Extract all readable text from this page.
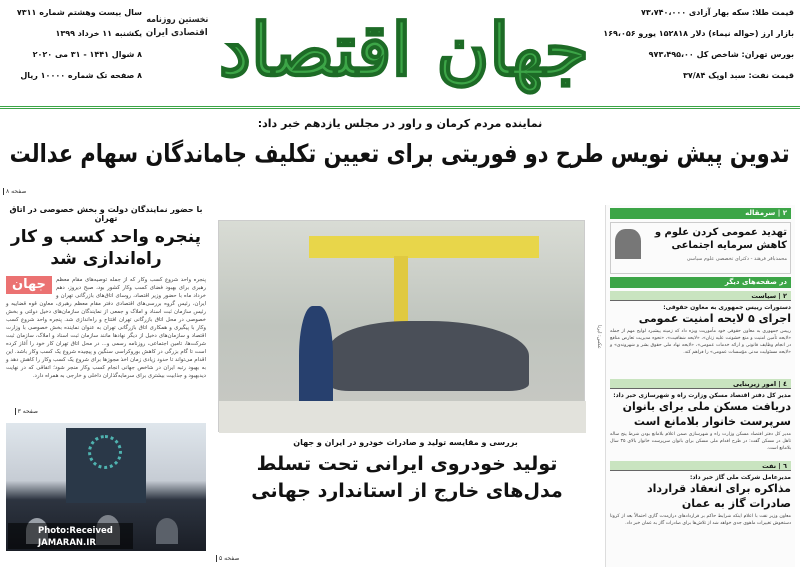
قیمت طلا: سکه بهار آزادی ۷۳،۷۴۰،۰۰۰
بازار ارز (حواله نیماء) دلار ۱۵۲۸۱۸ یورو ۱۶۹،۰۵۶
بورس تهران: شاخص کل ۹۷۳،۴۹۵،۰۰
قیمت نفت: سبد اوپک ۳۷/۸۴
سال بیست وهشتم شماره ۷۳۱۱
یکشنبه ۱۱ خرداد ۱۳۹۹
۸ شوال ۱۴۴۱ - ۳۱ می ۲۰۲۰
۸ صفحه تک شماره ۱۰۰۰۰ ریال جهان اقتصاد
نخستین روزنامه
اقتصادی ایران
نماینده مردم کرمان و راور در مجلس یازدهم خبر داد:
تدوین پیش نویس طرح دو فوریتی برای تعیین تکلیف جاماندگان سهام عدالت
صفحه ۸
با حضور نمایندگان دولت و بخش خصوصی در اتاق تهران
پنجره واحد کسب و کار راه‌اندازی شد
جهان	پنجره واحد شروع کسب وکار که از جمله توصیه‌های مقام معظم رهبری برای بهبود فضای کسب وکار کشور بود، صبح دیروز، دهم خرداد ماه با حضور وزیر اقتصاد، روسای اتاق‌های بازرگانی تهران و ایران، رئیس گروه بررسی‌های اقتصادی دفتر مقام معظم رهبری، معاون قوه قضاییه و رئیس سازمان ثبت اسناد و املاک و جمعی از نمایندگان سازمان‌های دخیل دولتی و بخش خصوصی در محل اتاق بازرگانی تهران افتتاح و راه‌اندازی شد. پنجره واحد شروع کسب وکار با پیگیری و همکاری اتاق بازرگانی تهران به عنوان نماینده بخش خصوصی با وزارت اقتصاد و سازمان‌های دخیل از دیگر نهادها مانند سازمان ثبت اسناد و املاک، سازمان ثبت شرکت‌ها، تامین اجتماعی، روزنامه رسمی و... در محل اتاق تهران کار خود را آغاز کرده است تا گام بزرگی در کاهش بوروکراسی سنگین و پیچیده شروع یک کسب وکار باشد. این اقدام می‌تواند تا حدود زیادی زمان اخذ مجوزها برای شروع یک کسب وکار را کاهش دهد و به بهبود رتبه ایران در شاخص جهانی انجام کسب وکار منجر شود؛ اتفاقی که در نهایت دیدبهبود و جذابیت بیشتری برای سرمایه‌گذاران داخلی و خارجی به همراه دارد.
صفحه ۳
Photo:Received
JAMARAN.IR
عکس: ایرنا
بررسی و مقایسه تولید و صادرات خودرو در ایران و جهان
تولید خودروی ایرانی تحت تسلط مدل‌های خارج از استاندارد جهانی
صفحه ۵
۲ | سرمقاله
تهدید عمومی کردن علوم و کاهش سرمایه اجتماعی
محمدباقر فرهند - دکترای تخصصی علوم سیاسی
در صفحه‌های دیگر
۲ | سیاست
دستورات رییس جمهوری به معاون حقوقی:
اجرای ۵ لایحه امنیت عمومی
رییس جمهوری به معاون حقوقی خود مأموریت ویژه داد که زمینه پیشبرد لوایح مهم از جمله «لایحه تأمین امنیت و منع خشونت علیه زنان»، «لایحه شفافیت»، «نحوه مدیریت تعارض منافع در انجام وظایف قانونی و ارائه خدمات عمومی»، «لایحه نهاد ملی حقوق بشر و شهروندی» و «لایحه مسئولیت مدنی مؤسسات عمومی» را فراهم کند.
٤ | امور زیربنایی
مدیر کل دفتر اقتصاد مسکن وزارت راه و شهرسازی خبر داد:
دریافت مسکن ملی برای بانوان سرپرست خانوار بلامانع است
مدیر کل دفتر اقتصاد مسکن وزارت راه و شهرسازی ضمن اعلام بلامانع بودن شرط پنج ساله تاهل در مسکن گفت: در طرح اقدام ملی مسکن برای بانوان سرپرست خانوار بالای ۳۵ سال بلامانع است.
٦ | نفت
مدیرعامل شرکت ملی گاز خبر داد:
مذاکره برای انعقاد قرارداد صادرات گاز به عمان
معاون وزیر نفت با اعلام اینکه شرایط حاکم بر قراردادهای درازمدت گازی احتمالاً بعد از کرونا دستخوش تغییرات ماهوی جدی خواهد شد از تلاش‌ها برای صادرات گاز به عمان خبر داد.
